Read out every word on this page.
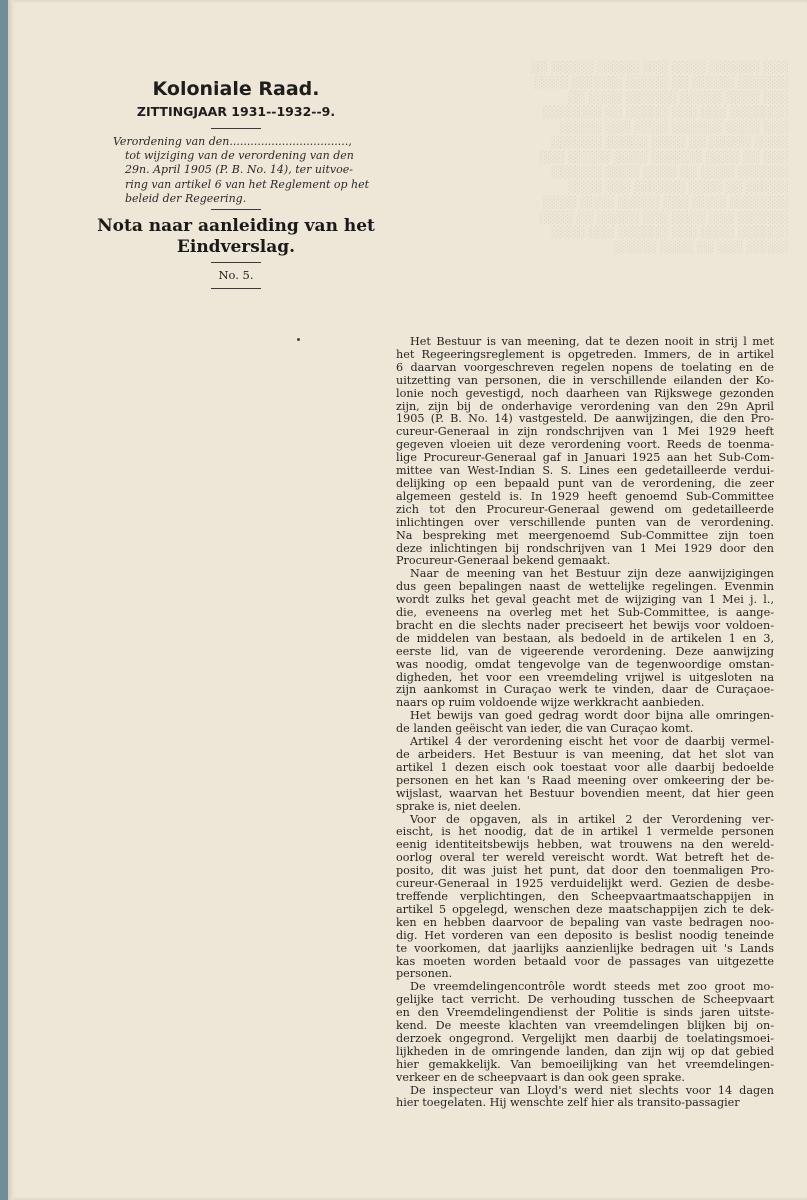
░░░ ░░░░░░ ░░░░ ░░░ ░░░░░ ░░░░░ ░░ ░░░░░░ ░░░░░ ░░ ░░░░░ ░░░░░░ ░░░░ ░░░ ░░░░ ░░░░░ ░░░░░░ ░░░░ ░░ ░░░░░░░ ░░░ ░░░ ░░░░░ ░░ ░░░░░░░ ░░░ ░░░░ ░░░░░░ ░░░░ ░░░ ░░░░░ ░░░░ ░░░░░ ░░ ░░░░ ░░░░░ ░░░░░░ ░░░ ░░ ░░░░ ░░░░░░ ░░░░ ░░░░░ ░░░ ░░░░░░ ░░░░ ░░ ░░░░ ░░░░ ░░░░░░ ░░░░░ ░░ ░░░░ ░░░░░░ ░░░ ░░░░ ░░░░░░░ ░░░░ ░░░ ░░░░░ ░░░░ ░░░░ ░░░░░░ ░░░ ░░░░ ░░░ ░░░░░ ░░ ░░░░ ░░░░░░ ░░░░ ░░░ ░░░░░░ ░░░ ░░░░ ░░░░░ ░░░ ░░ ░░░░ ░░░░░
Koloniale Raad.
ZITTINGJAAR 1931--1932--9.
Verordening van den..................................,
tot wijziging van de verordening van den
29n. April 1905 (P. B. No. 14), ter uitvoe-
ring van artikel 6 van het Reglement op het
beleid der Regeering.
Nota naar aanleiding van het
Eindverslag.
No. 5.
Het Bestuur is van meening, dat te dezen nooit in strij l met
het Regeeringsreglement is opgetreden. Immers, de in artikel
6 daarvan voorgeschreven regelen nopens de toelating en de
uitzetting van personen, die in verschillende eilanden der Ko-
lonie noch gevestigd, noch daarheen van Rijkswege gezonden
zijn, zijn bij de onderhavige verordening van den 29n April
1905 (P. B. No. 14) vastgesteld. De aanwijzingen, die den Pro-
cureur-Generaal in zijn rondschrijven van 1 Mei 1929 heeft
gegeven vloeien uit deze verordening voort. Reeds de toenma-
lige Procureur-Generaal gaf in Januari 1925 aan het Sub-Com-
mittee van West-Indian S. S. Lines een gedetailleerde verdui-
delijking op een bepaald punt van de verordening, die zeer
algemeen gesteld is. In 1929 heeft genoemd Sub-Committee
zich tot den Procureur-Generaal gewend om gedetailleerde
inlichtingen over verschillende punten van de verordening.
Na bespreking met meergenoemd Sub-Committee zijn toen
deze inlichtingen bij rondschrijven van 1 Mei 1929 door den
Procureur-Generaal bekend gemaakt.
Naar de meening van het Bestuur zijn deze aanwijzigingen
dus geen bepalingen naast de wettelijke regelingen. Evenmin
wordt zulks het geval geacht met de wijziging van 1 Mei j. l.,
die, eveneens na overleg met het Sub-Committee, is aange-
bracht en die slechts nader preciseert het bewijs voor voldoen-
de middelen van bestaan, als bedoeld in de artikelen 1 en 3,
eerste lid, van de vigeerende verordening. Deze aanwijzing
was noodig, omdat tengevolge van de tegenwoordige omstan-
digheden, het voor een vreemdeling vrijwel is uitgesloten na
zijn aankomst in Curaçao werk te vinden, daar de Curaçaoe-
naars op ruim voldoende wijze werkkracht aanbieden.
Het bewijs van goed gedrag wordt door bijna alle omringen-
de landen geëischt van ieder, die van Curaçao komt.
Artikel 4 der verordening eischt het voor de daarbij vermel-
de arbeiders. Het Bestuur is van meening, dat het slot van
artikel 1 dezen eisch ook toestaat voor alle daarbij bedoelde
personen en het kan 's Raad meening over omkeering der be-
wijslast, waarvan het Bestuur bovendien meent, dat hier geen
sprake is, niet deelen.
Voor de opgaven, als in artikel 2 der Verordening ver-
eischt, is het noodig, dat de in artikel 1 vermelde personen
eenig identiteitsbewijs hebben, wat trouwens na den wereld-
oorlog overal ter wereld vereischt wordt. Wat betreft het de-
posito, dit was juist het punt, dat door den toenmaligen Pro-
cureur-Generaal in 1925 verduidelijkt werd. Gezien de desbe-
treffende verplichtingen, den Scheepvaartmaatschappijen in
artikel 5 opgelegd, wenschen deze maatschappijen zich te dek-
ken en hebben daarvoor de bepaling van vaste bedragen noo-
dig. Het vorderen van een deposito is beslist noodig teneinde
te voorkomen, dat jaarlijks aanzienlijke bedragen uit 's Lands
kas moeten worden betaald voor de passages van uitgezette
personen.
De vreemdelingencontrôle wordt steeds met zoo groot mo-
gelijke tact verricht. De verhouding tusschen de Scheepvaart
en den Vreemdelingendienst der Politie is sinds jaren uitste-
kend. De meeste klachten van vreemdelingen blijken bij on-
derzoek ongegrond. Vergelijkt men daarbij de toelatingsmoei-
lijkheden in de omringende landen, dan zijn wij op dat gebied
hier gemakkelijk. Van bemoeilijking van het vreemdelingen-
verkeer en de scheepvaart is dan ook geen sprake.
De inspecteur van Lloyd's werd niet slechts voor 14 dagen
hier toegelaten. Hij wenschte zelf hier als transito-passagier
